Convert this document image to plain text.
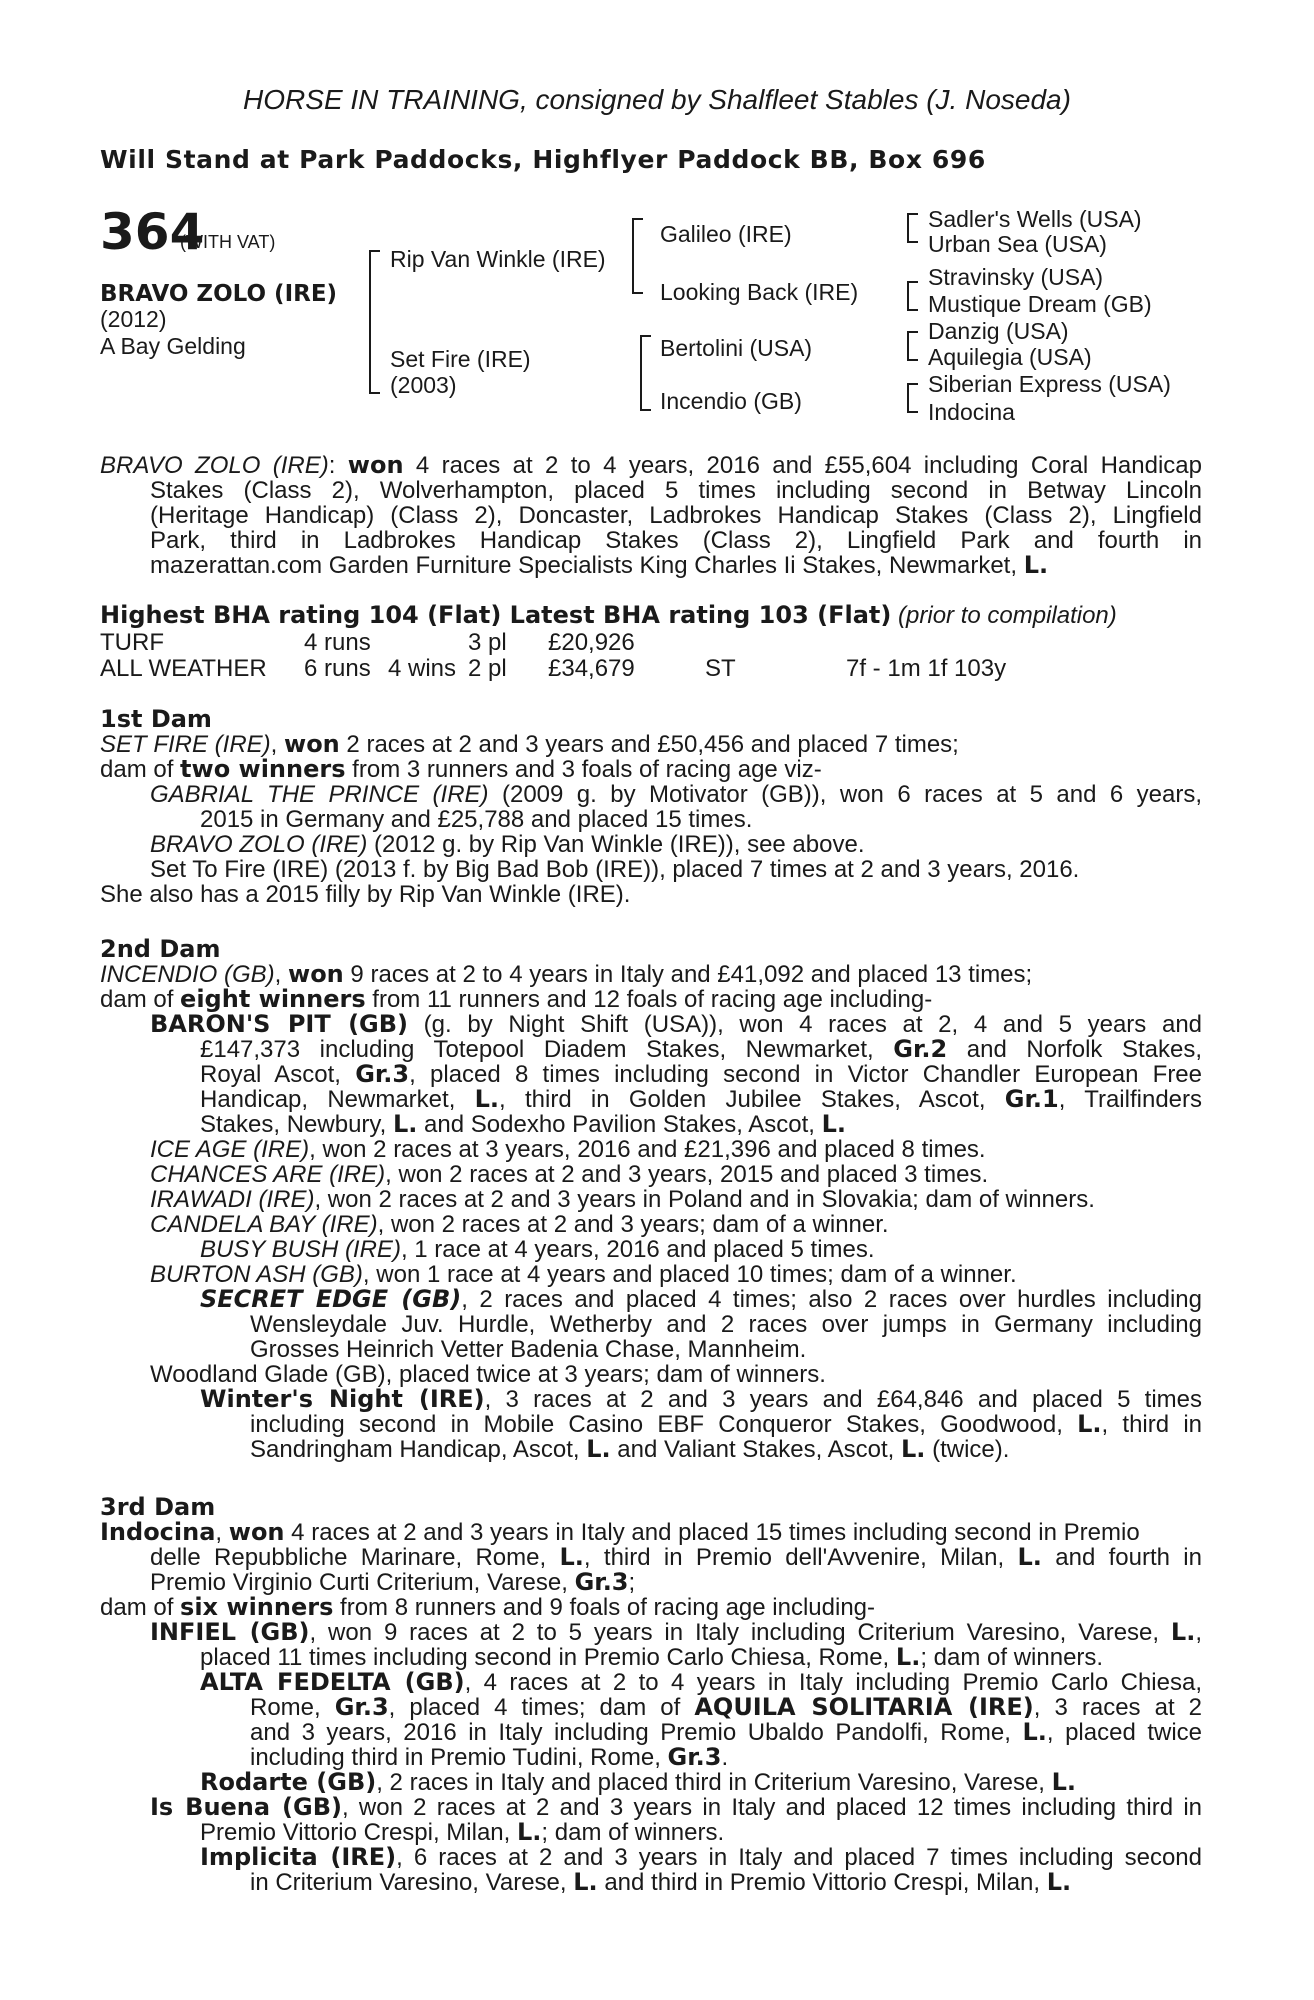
HORSE IN TRAINING, consigned by Shalfleet Stables (J. Noseda)
Will Stand at Park Paddocks, Highflyer Paddock BB, Box 696
364
(WITH VAT)
BRAVO ZOLO (IRE)
(2012)
A Bay Gelding
Rip Van Winkle (IRE)
Set Fire (IRE)
(2003)
Galileo (IRE)
Looking Back (IRE)
Bertolini (USA)
Incendio (GB)
Sadler's Wells (USA)
Urban Sea (USA)
Stravinsky (USA)
Mustique Dream (GB)
Danzig (USA)
Aquilegia (USA)
Siberian Express (USA)
Indocina
BRAVO ZOLO (IRE): won 4 races at 2 to 4 years, 2016 and £55,604 including Coral Handicap
Stakes (Class 2), Wolverhampton, placed 5 times including second in Betway Lincoln
(Heritage Handicap) (Class 2), Doncaster, Ladbrokes Handicap Stakes (Class 2), Lingfield
Park, third in Ladbrokes Handicap Stakes (Class 2), Lingfield Park and fourth in
mazerattan.com Garden Furniture Specialists King Charles Ii Stakes, Newmarket, L.
Highest BHA rating 104 (Flat) Latest BHA rating 103 (Flat) (prior to compilation)
TURF	4 runs	3 pl £20,926
ALL WEATHER 6 runs 4 wins 2 pl £34,679	ST	7f - 1m 1f 103y
1st Dam
SET FIRE (IRE), won 2 races at 2 and 3 years and £50,456 and placed 7 times;
dam of two winners from 3 runners and 3 foals of racing age viz-
GABRIAL THE PRINCE (IRE) (2009 g. by Motivator (GB)), won 6 races at 5 and 6 years,
2015 in Germany and £25,788 and placed 15 times.
BRAVO ZOLO (IRE) (2012 g. by Rip Van Winkle (IRE)), see above.
Set To Fire (IRE) (2013 f. by Big Bad Bob (IRE)), placed 7 times at 2 and 3 years, 2016.
She also has a 2015 filly by Rip Van Winkle (IRE).
2nd Dam
INCENDIO (GB), won 9 races at 2 to 4 years in Italy and £41,092 and placed 13 times;
dam of eight winners from 11 runners and 12 foals of racing age including-
BARON'S PIT (GB) (g. by Night Shift (USA)), won 4 races at 2, 4 and 5 years and
£147,373 including Totepool Diadem Stakes, Newmarket, Gr.2 and Norfolk Stakes,
Royal Ascot, Gr.3, placed 8 times including second in Victor Chandler European Free
Handicap, Newmarket, L., third in Golden Jubilee Stakes, Ascot, Gr.1, Trailfinders
Stakes, Newbury, L. and Sodexho Pavilion Stakes, Ascot, L.
ICE AGE (IRE), won 2 races at 3 years, 2016 and £21,396 and placed 8 times.
CHANCES ARE (IRE), won 2 races at 2 and 3 years, 2015 and placed 3 times.
IRAWADI (IRE), won 2 races at 2 and 3 years in Poland and in Slovakia; dam of winners.
CANDELA BAY (IRE), won 2 races at 2 and 3 years; dam of a winner.
BUSY BUSH (IRE), 1 race at 4 years, 2016 and placed 5 times.
BURTON ASH (GB), won 1 race at 4 years and placed 10 times; dam of a winner.
SECRET EDGE (GB), 2 races and placed 4 times; also 2 races over hurdles including
Wensleydale Juv. Hurdle, Wetherby and 2 races over jumps in Germany including
Grosses Heinrich Vetter Badenia Chase, Mannheim.
Woodland Glade (GB), placed twice at 3 years; dam of winners.
Winter's Night (IRE), 3 races at 2 and 3 years and £64,846 and placed 5 times
including second in Mobile Casino EBF Conqueror Stakes, Goodwood, L., third in
Sandringham Handicap, Ascot, L. and Valiant Stakes, Ascot, L. (twice).
3rd Dam
Indocina, won 4 races at 2 and 3 years in Italy and placed 15 times including second in Premio
delle Repubbliche Marinare, Rome, L., third in Premio dell'Avvenire, Milan, L. and fourth in
Premio Virginio Curti Criterium, Varese, Gr.3;
dam of six winners from 8 runners and 9 foals of racing age including-
INFIEL (GB), won 9 races at 2 to 5 years in Italy including Criterium Varesino, Varese, L.,
placed 11 times including second in Premio Carlo Chiesa, Rome, L.; dam of winners.
ALTA FEDELTA (GB), 4 races at 2 to 4 years in Italy including Premio Carlo Chiesa,
Rome, Gr.3, placed 4 times; dam of AQUILA SOLITARIA (IRE), 3 races at 2
and 3 years, 2016 in Italy including Premio Ubaldo Pandolfi, Rome, L., placed twice
including third in Premio Tudini, Rome, Gr.3.
Rodarte (GB), 2 races in Italy and placed third in Criterium Varesino, Varese, L.
Is Buena (GB), won 2 races at 2 and 3 years in Italy and placed 12 times including third in
Premio Vittorio Crespi, Milan, L.; dam of winners.
Implicita (IRE), 6 races at 2 and 3 years in Italy and placed 7 times including second
in Criterium Varesino, Varese, L. and third in Premio Vittorio Crespi, Milan, L.
